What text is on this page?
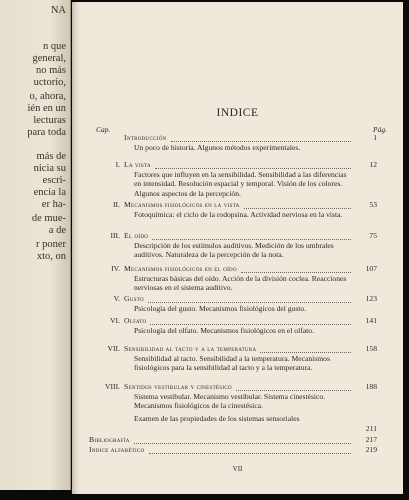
NA
n que
general,
no más
uctorio,
o, ahora,
ién en un
lecturas
para toda
más de
nicia su
escri-
encia la
er ha-
de mue-
a de
r poner
xto, on
INDICE
Cap.	Pág.
Introducción	1
Un poco de historia. Algunos métodos experimentales.
I. La vista	12
Factores que influyen en la sensibilidad. Sensibilidad a las diferencias en intensidad. Resolución espacial y temporal. Visión de los colores. Algunos aspectos de la percepción.
II. Mecanismos fisiológicos en la vista	53
Fotoquímica: el ciclo de la rodopsina. Actividad nerviosa en la vista.
III. El oído	75
Descripción de los estímulos auditivos. Medición de los umbrales auditivos. Naturaleza de la percepción de la nota.
IV. Mecanismos fisiológicos en el oído	107
Estructuras básicas del oído. Acción de la división coclea. Reacciones nerviosas en el sistema auditivo.
V. Gusto	123
Psicología del gusto. Mecanismos fisiológicos del gusto.
VI. Olfato	141
Psicología del olfato. Mecanismos fisiológicos en el olfato.
VII. Sensibilidad al tacto y a la temperatura	158
Sensibilidad al tacto. Sensibilidad a la temperatura. Mecanismos fisiológicos para la sensibilidad al tacto y a la temperatura.
VIII. Sentidos vestibular y cinestésico	188
Sistema vestibular. Mecanismo vestibular. Sistema cinestésico. Mecanismos fisiológicos de la cinestésica.
Examen de las propiedades de los sistemas sensoriales
211
Bibliografía	217
Indice alfabético	219
VII
